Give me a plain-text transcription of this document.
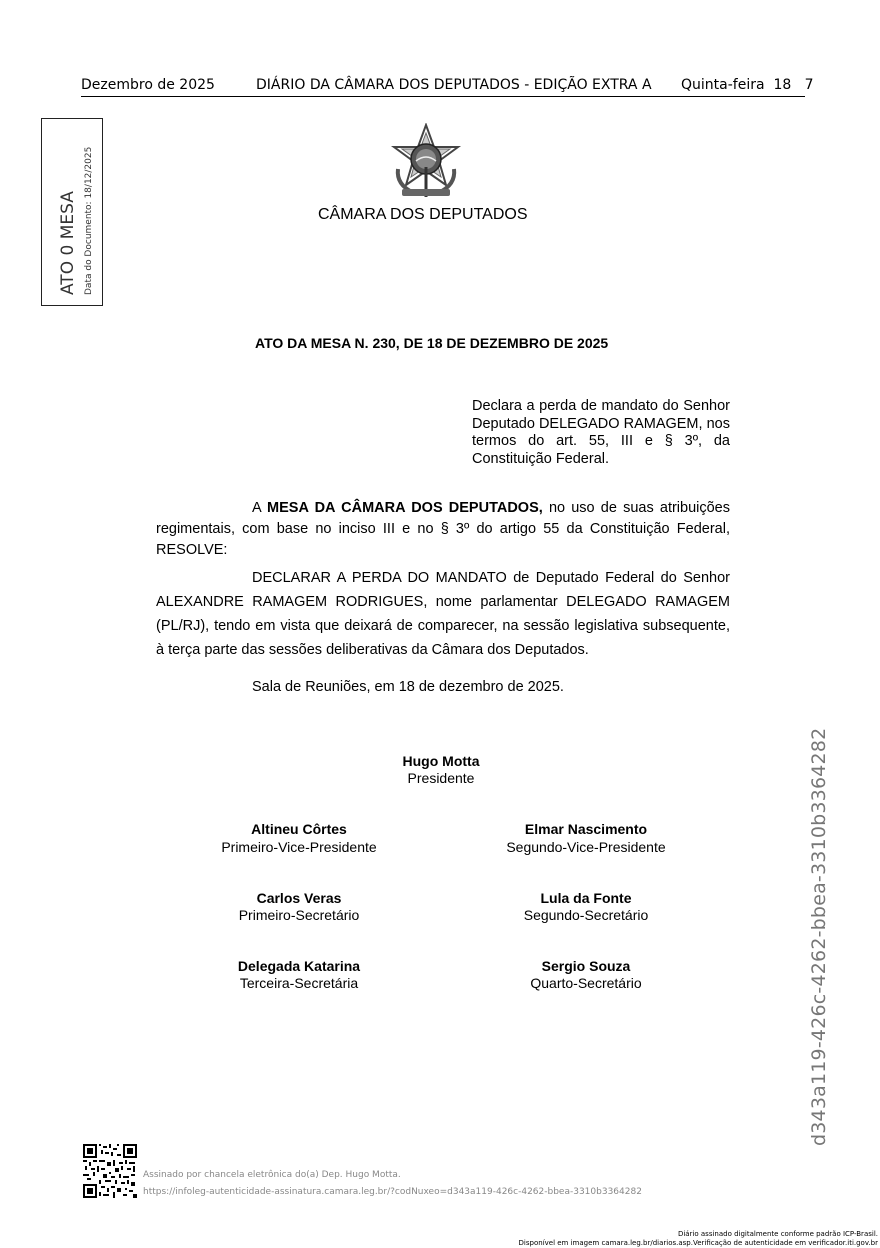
Dezembro de 2025	DIÁRIO DA CÂMARA DOS DEPUTADOS - EDIÇÃO EXTRA A Quinta-feira  18   7
ATO 0 MESA Data do Documento: 18/12/2025	CÂMARA DOS DEPUTADOS
ATO DA MESA N. 230, DE 18 DE DEZEMBRO DE 2025
Declara a perda de mandato do Senhor Deputado DELEGADO RAMAGEM, nos termos do art. 55, III e § 3º, da Constituição Federal.
A MESA DA CÂMARA DOS DEPUTADOS, no uso de suas atribuições regimentais, com base no inciso III e no § 3º do artigo 55 da Constituição Federal, RESOLVE:
DECLARAR A PERDA DO MANDATO de Deputado Federal do Senhor ALEXANDRE RAMAGEM RODRIGUES, nome parlamentar DELEGADO RAMAGEM (PL/RJ), tendo em vista que deixará de comparecer, na sessão legislativa subsequente, à terça parte das sessões deliberativas da Câmara dos Deputados.
Sala de Reuniões, em 18 de dezembro de 2025.
Hugo Motta
Presidente
Altineu Côrtes
Primeiro-Vice-Presidente
Elmar Nascimento
Segundo-Vice-Presidente
Carlos Veras
Primeiro-Secretário
Lula da Fonte
Segundo-Secretário
Delegada Katarina
Terceira-Secretária
Sergio Souza
Quarto-Secretário	d343a119-426c-4262-bbea-3310b3364282
Assinado por chancela eletrônica do(a) Dep. Hugo Motta.
https://infoleg-autenticidade-assinatura.camara.leg.br/?codNuxeo=d343a119-426c-4262-bbea-3310b3364282
Diário assinado digitalmente conforme padrão ICP-Brasil.
Disponível em imagem camara.leg.br/diarios.asp.Verificação de autenticidade em verificador.iti.gov.br
